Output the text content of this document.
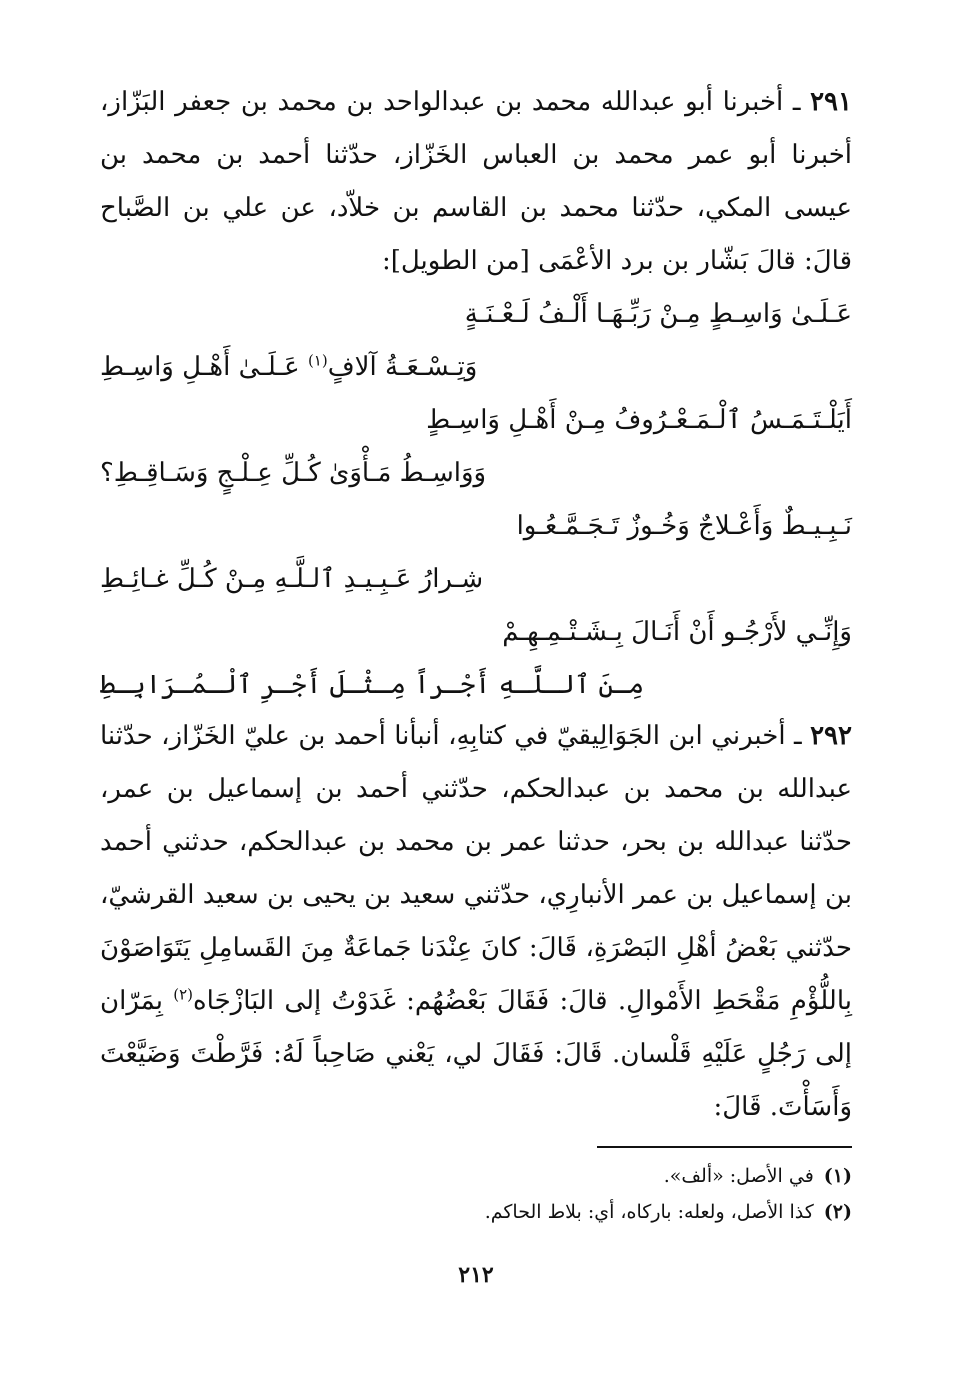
٢٩١ ـ أخبرنا أبو عبدالله محمد بن عبدالواحد بن محمد بن جعفر البَزّاز، أخبرنا أبو عمر محمد بن العباس الخَزّاز، حدّثنا أحمد بن محمد بن عيسى المكي، حدّثنا محمد بن القاسم بن خلاّد، عن علي بن الصَّباح قالَ: قالَ بَشّار بن برد الأعْمَى [من الطويل]:

عَـلَـىٰ وَاسِـطٍ مِـنْ رَبِّـهَـا أَلْـفُ لَـعْـنَـةٍ

وَتِـسْـعَـةُ آلافٍ$^{(١)}$ عَـلَـىٰ أَهْـلِ وَاسِـطِ

أَيَلْـتَـمَـسُ ٱلْـمَـعْـرُوفُ مِـنْ أَهْـلِ وَاسِـطٍ

وَوَاسِـطُ مَـأْوَىٰ كُـلِّ عِـلْـجٍ وَسَـاقِـطِ؟

نَـبِـيـطٌ وَأَعْـلاجٌ وَخُـوزٌ تَـجَـمَّـعُـوا

شِـرارُ عَـبِـيـدِ ٱلـلَّـهِ مِـنْ كُـلِّ غـائِـطِ

وَإِنِّـي لأَرْجُـو أَنْ أَنَـالَ بِـشَـتْـمِـهِـمْ

مِـنَ ٱلـلَّـهِ أَجْـراً مِـثْـلَ أَجْـرِ ٱلْـمُـرَابِـطِ

٢٩٢ ـ أخبرني ابن الجَوَالِيقيّ في كتابِهِ، أنبأنا أحمد بن عليّ الخَزّاز، حدّثنا عبدالله بن محمد بن عبدالحكم، حدّثني أحمد بن إسماعيل بن عمر، حدّثنا عبدالله بن بحر، حدثنا عمر بن محمد بن عبدالحكم، حدثني أحمد بن إسماعيل بن عمر الأنبارِي، حدّثني سعيد بن يحيى بن سعيد القرشيّ، حدّثني بَعْضُ أهْلِ البَصْرَةِ، قَالَ: كانَ عِنْدَنا جَماعَةٌ مِنَ القَسامِلِ يَتَوَاصَوْنَ بِاللُّؤْمِ مَقْحَطِ الأَمْوالِ. قالَ: فَقَالَ بَعْضُهُم: غَدَوْتُ إلى البَازْجَاه$^{(٢)}$ بِمَرّان إلى رَجُلٍ عَلَيْهِ قَلْسان. قَالَ: فَقَالَ لي، يَعْني صَاحِباً لَهُ: فَرَّطْتَ وَضَيَّعْتَ وَأَسَأْتَ. قَالَ:

(١)في الأصل: «ألف».

(٢)كذا الأصل، ولعله: باركاه، أي: بلاط الحاكم.

٢١٢
